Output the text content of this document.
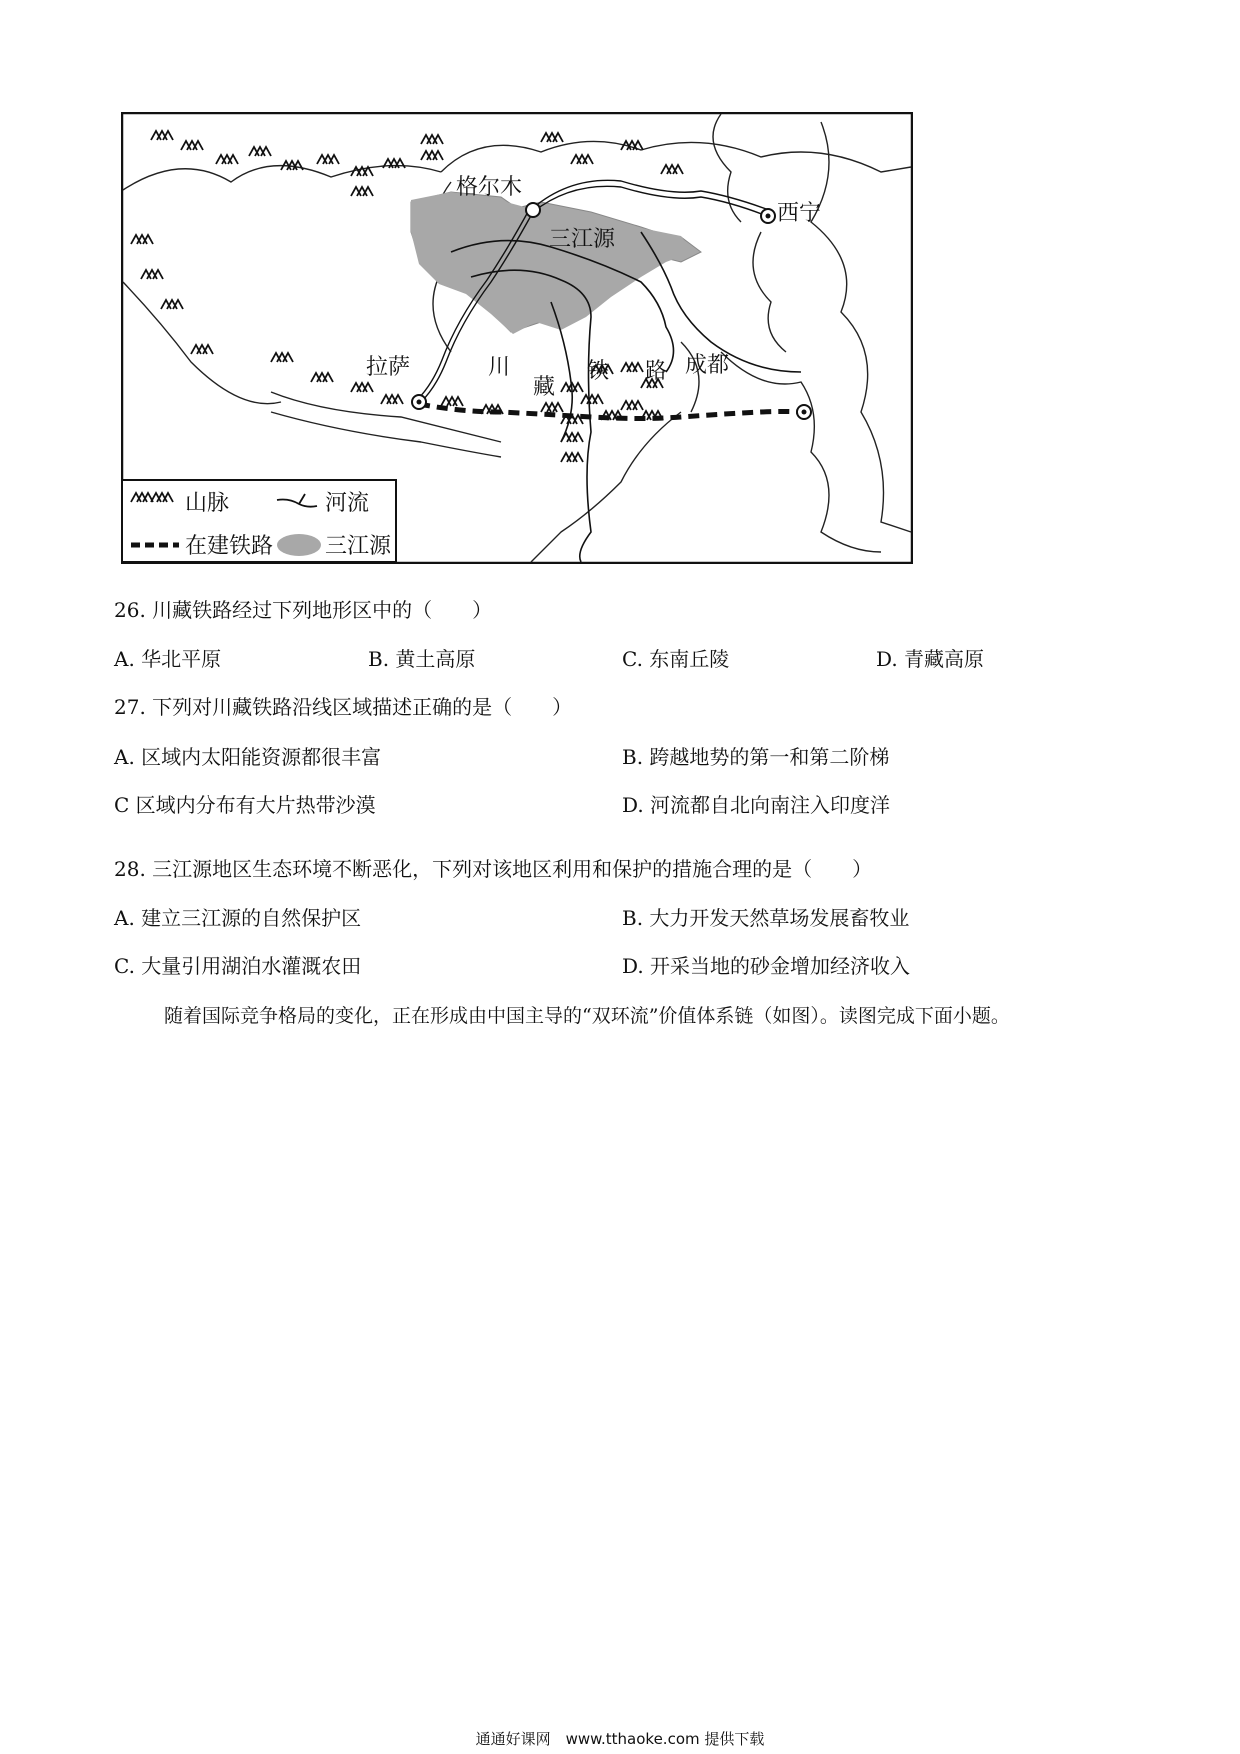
格尔木
西宁
三江源
拉萨	成都
川
藏
铁 路
山脉	河流
在建铁路 三江源
26. 川藏铁路经过下列地形区中的（　　）
A. 华北平原	B. 黄土高原	C. 东南丘陵	D. 青藏高原
27. 下列对川藏铁路沿线区域描述正确的是（　　）
A. 区域内太阳能资源都很丰富	B. 跨越地势的第一和第二阶梯
C 区域内分布有大片热带沙漠	D. 河流都自北向南注入印度洋
28. 三江源地区生态环境不断恶化，下列对该地区利用和保护的措施合理的是（　　）
A. 建立三江源的自然保护区	B. 大力开发天然草场发展畜牧业
C. 大量引用湖泊水灌溉农田	D. 开采当地的砂金增加经济收入
随着国际竞争格局的变化，正在形成由中国主导的“双环流”价值体系链（如图）。读图完成下面小题。
通通好课网　www.tthaoke.com 提供下载
